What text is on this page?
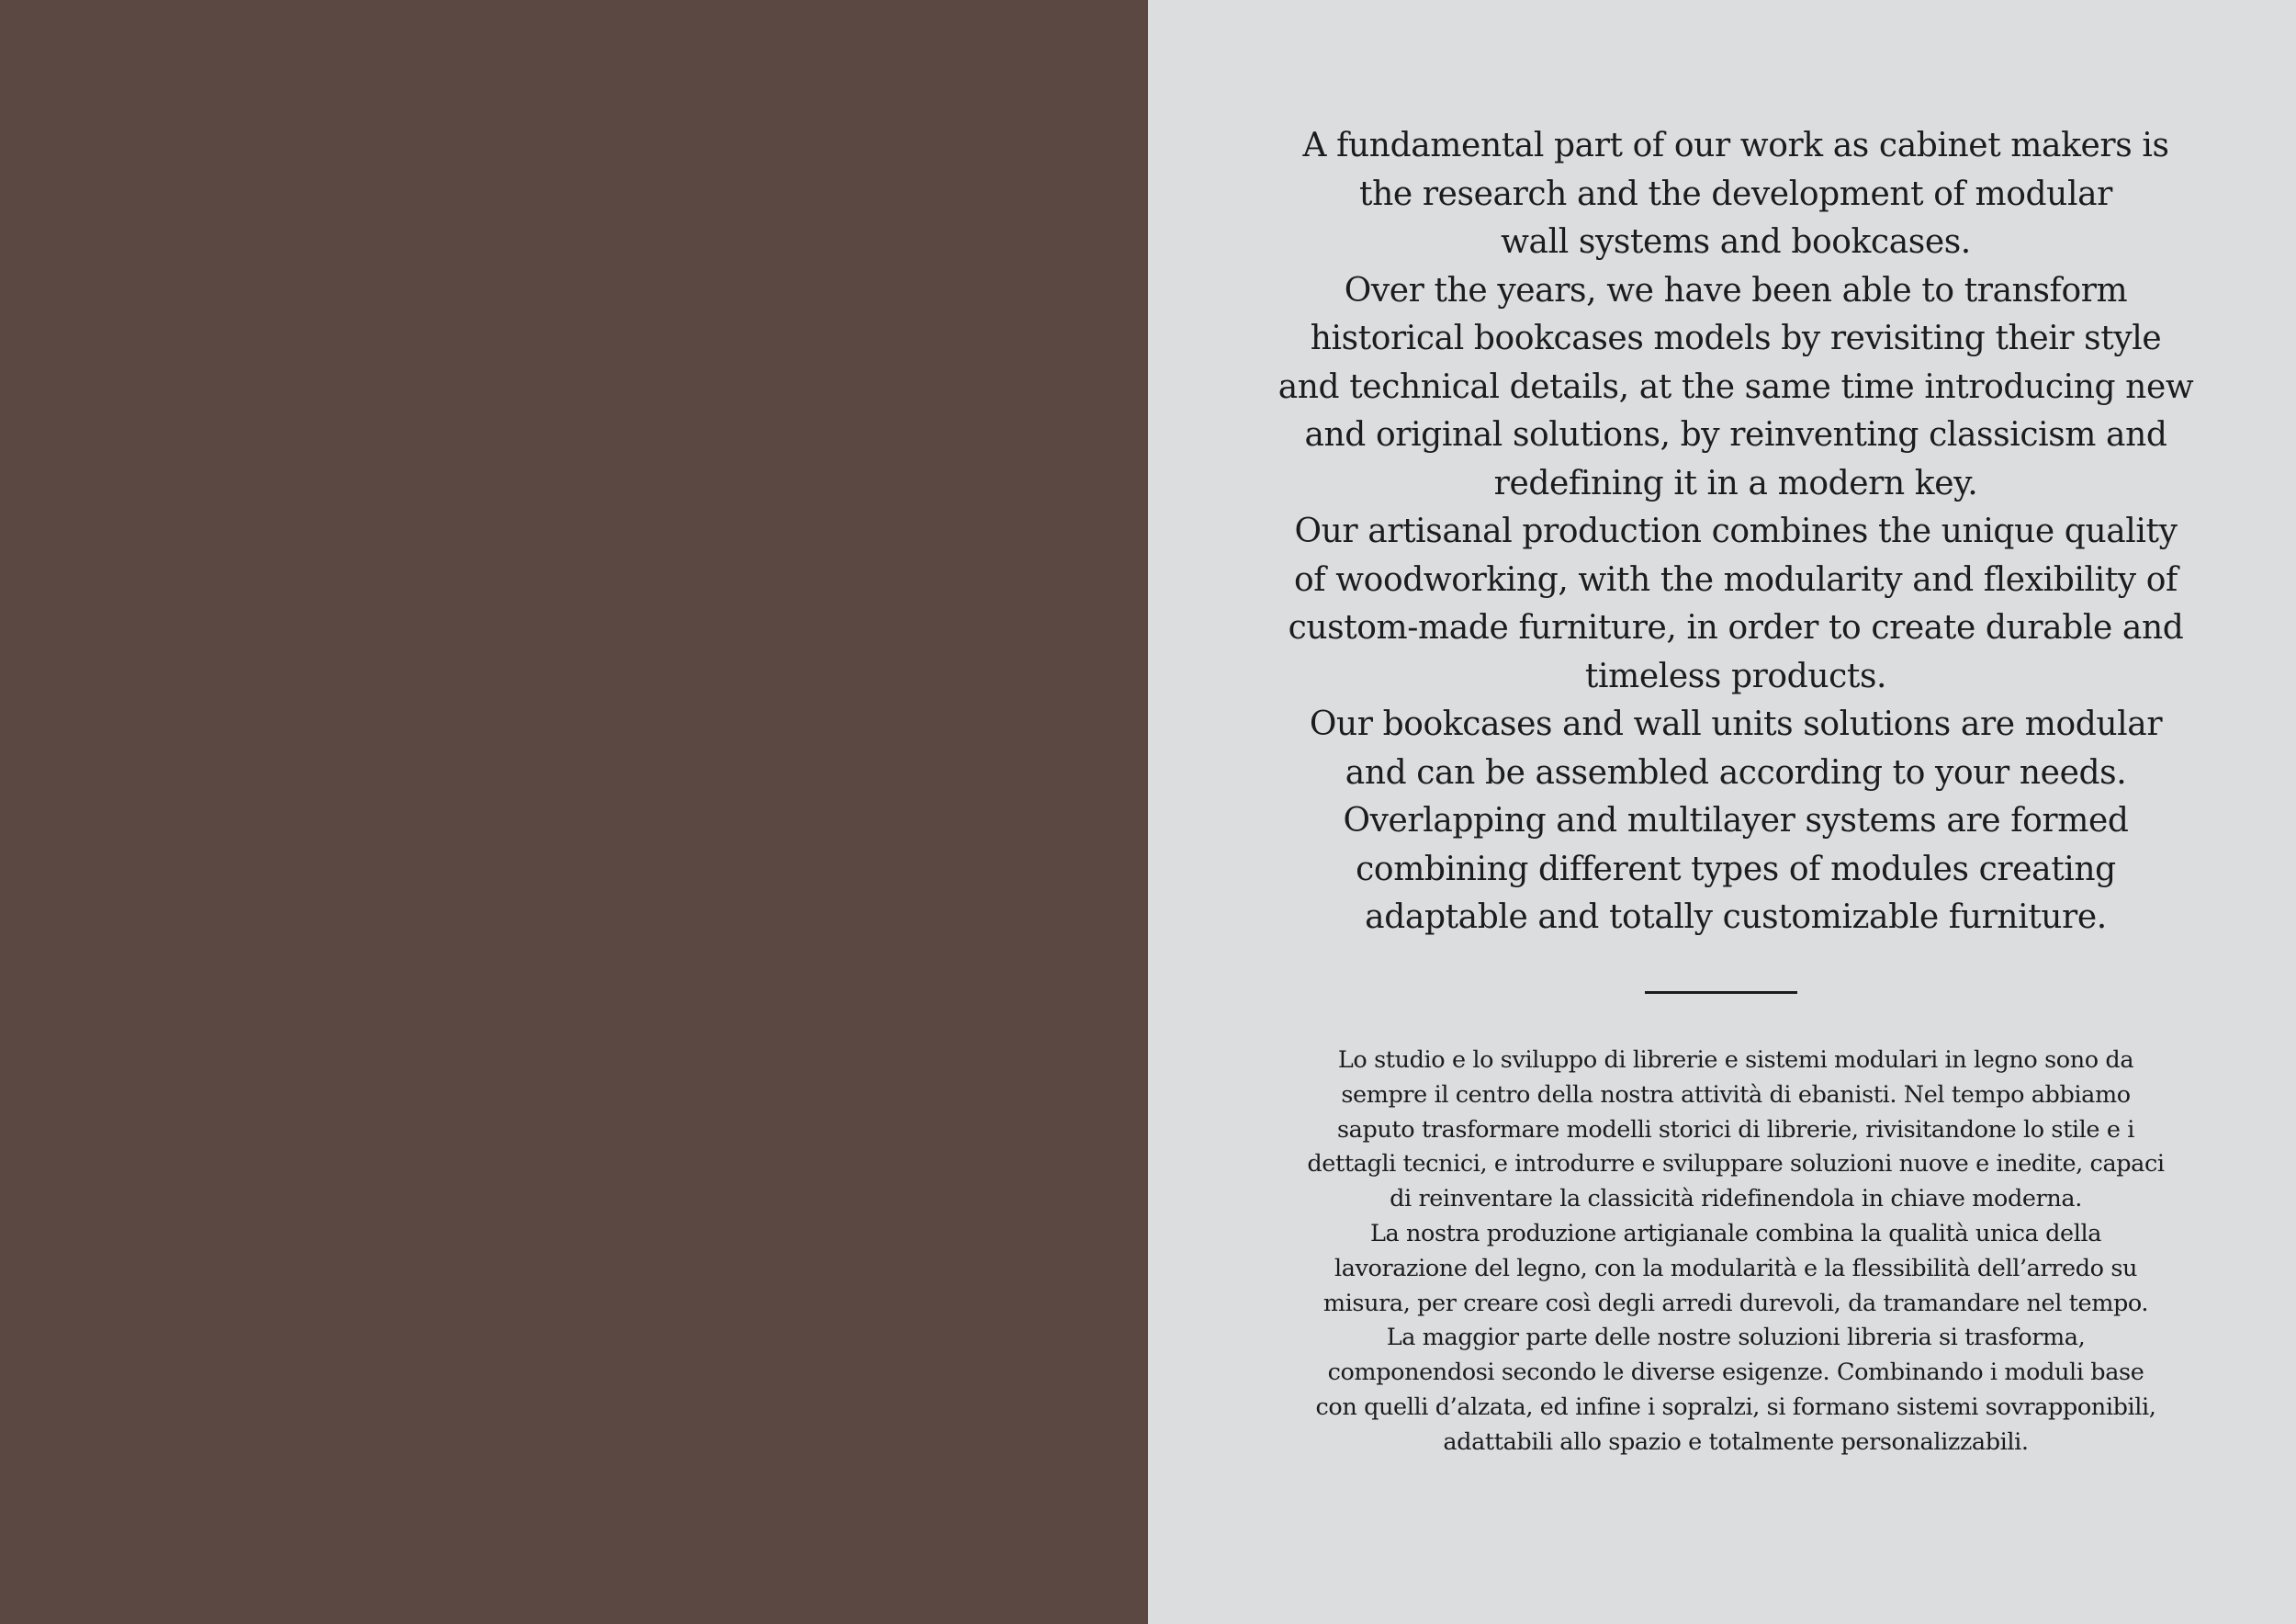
A fundamental part of our work as cabinet makers is
the research and the development of modular
wall systems and bookcases.
Over the years, we have been able to transform
historical bookcases models by revisiting their style
and technical details, at the same time introducing new
and original solutions, by reinventing classicism and
redefining it in a modern key.
Our artisanal production combines the unique quality
of woodworking, with the modularity and flexibility of
custom-made furniture, in order to create durable and
timeless products.
Our bookcases and wall units solutions are modular
and can be assembled according to your needs.
Overlapping and multilayer systems are formed
combining different types of modules creating
adaptable and totally customizable furniture.
Lo studio e lo sviluppo di librerie e sistemi modulari in legno sono da
sempre il centro della nostra attività di ebanisti. Nel tempo abbiamo
saputo trasformare modelli storici di librerie, rivisitandone lo stile e i
dettagli tecnici, e introdurre e sviluppare soluzioni nuove e inedite, capaci
di reinventare la classicità ridefinendola in chiave moderna.
La nostra produzione artigianale combina la qualità unica della
lavorazione del legno, con la modularità e la flessibilità dell’arredo su
misura, per creare così degli arredi durevoli, da tramandare nel tempo.
La maggior parte delle nostre soluzioni libreria si trasforma,
componendosi secondo le diverse esigenze. Combinando i moduli base
con quelli d’alzata, ed infine i sopralzi, si formano sistemi sovrapponibili,
adattabili allo spazio e totalmente personalizzabili.
